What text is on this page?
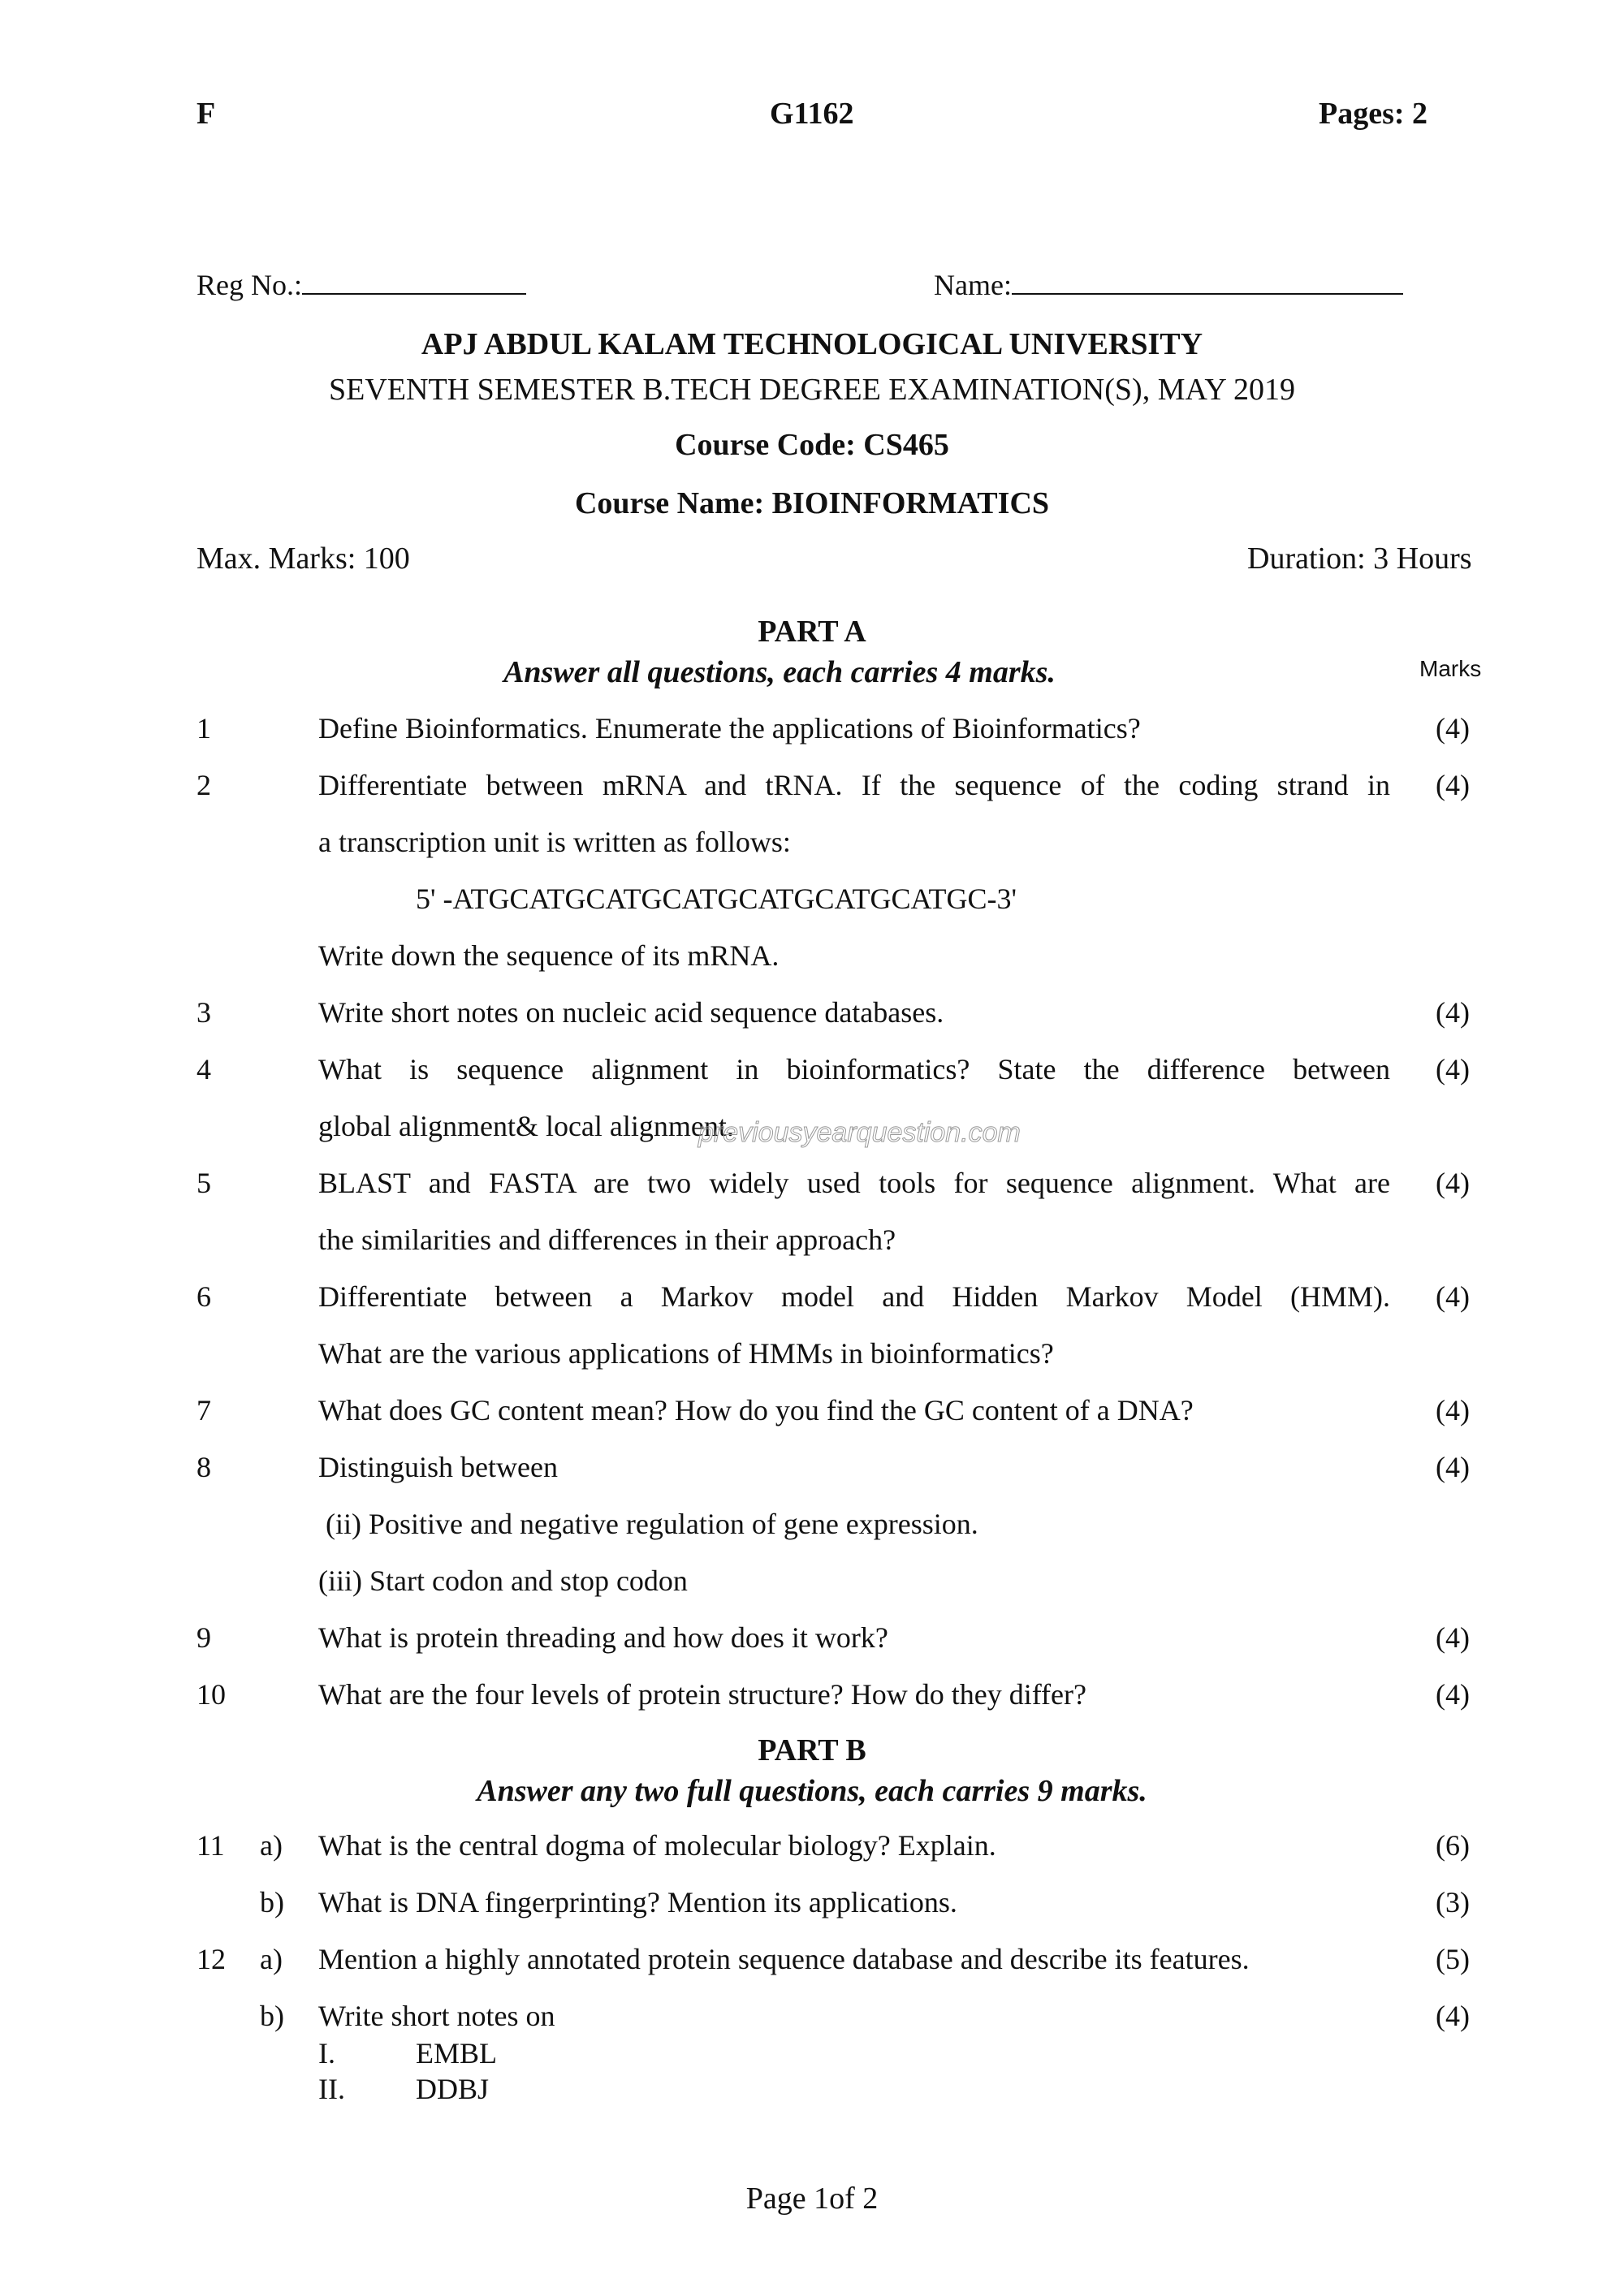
F	G1162	Pages: 2
Reg No.:	Name:
APJ ABDUL KALAM TECHNOLOGICAL UNIVERSITY
SEVENTH SEMESTER B.TECH DEGREE EXAMINATION(S), MAY 2019
Course Code: CS465
Course Name: BIOINFORMATICS
Max. Marks: 100	Duration: 3 Hours
PART A
Answer all questions, each carries 4 marks.	Marks
1	Define Bioinformatics. Enumerate the applications of Bioinformatics?	(4)
2	Differentiate between mRNA and tRNA. If the sequence of the coding strand in (4)
a transcription unit is written as follows:
5' -ATGCATGCATGCATGCATGCATGCATGC-3'
Write down the sequence of its mRNA.
3	Write short notes on nucleic acid sequence databases.	(4)
4	What is sequence alignment in bioinformatics? State the difference between (4)
global alignment& local alignment.
previousyearquestion.com
5	BLAST and FASTA are two widely used tools for sequence alignment. What are (4)
the similarities and differences in their approach?
6	Differentiate between a Markov model and Hidden Markov Model (HMM). (4)
What are the various applications of HMMs in bioinformatics?
7	What does GC content mean? How do you find the GC content of a DNA?	(4)
8	Distinguish between	(4)
(ii) Positive and negative regulation of gene expression.
(iii) Start codon and stop codon
9	What is protein threading and how does it work?	(4)
10	What are the four levels of protein structure? How do they differ?	(4)
PART B
Answer any two full questions, each carries 9 marks.
11 a) What is the central dogma of molecular biology? Explain.	(6)
b) What is DNA fingerprinting? Mention its applications.	(3)
12 a) Mention a highly annotated protein sequence database and describe its features.	(5)
b) Write short notes on	(4)
I.	EMBL
II. DDBJ
Page 1of 2
